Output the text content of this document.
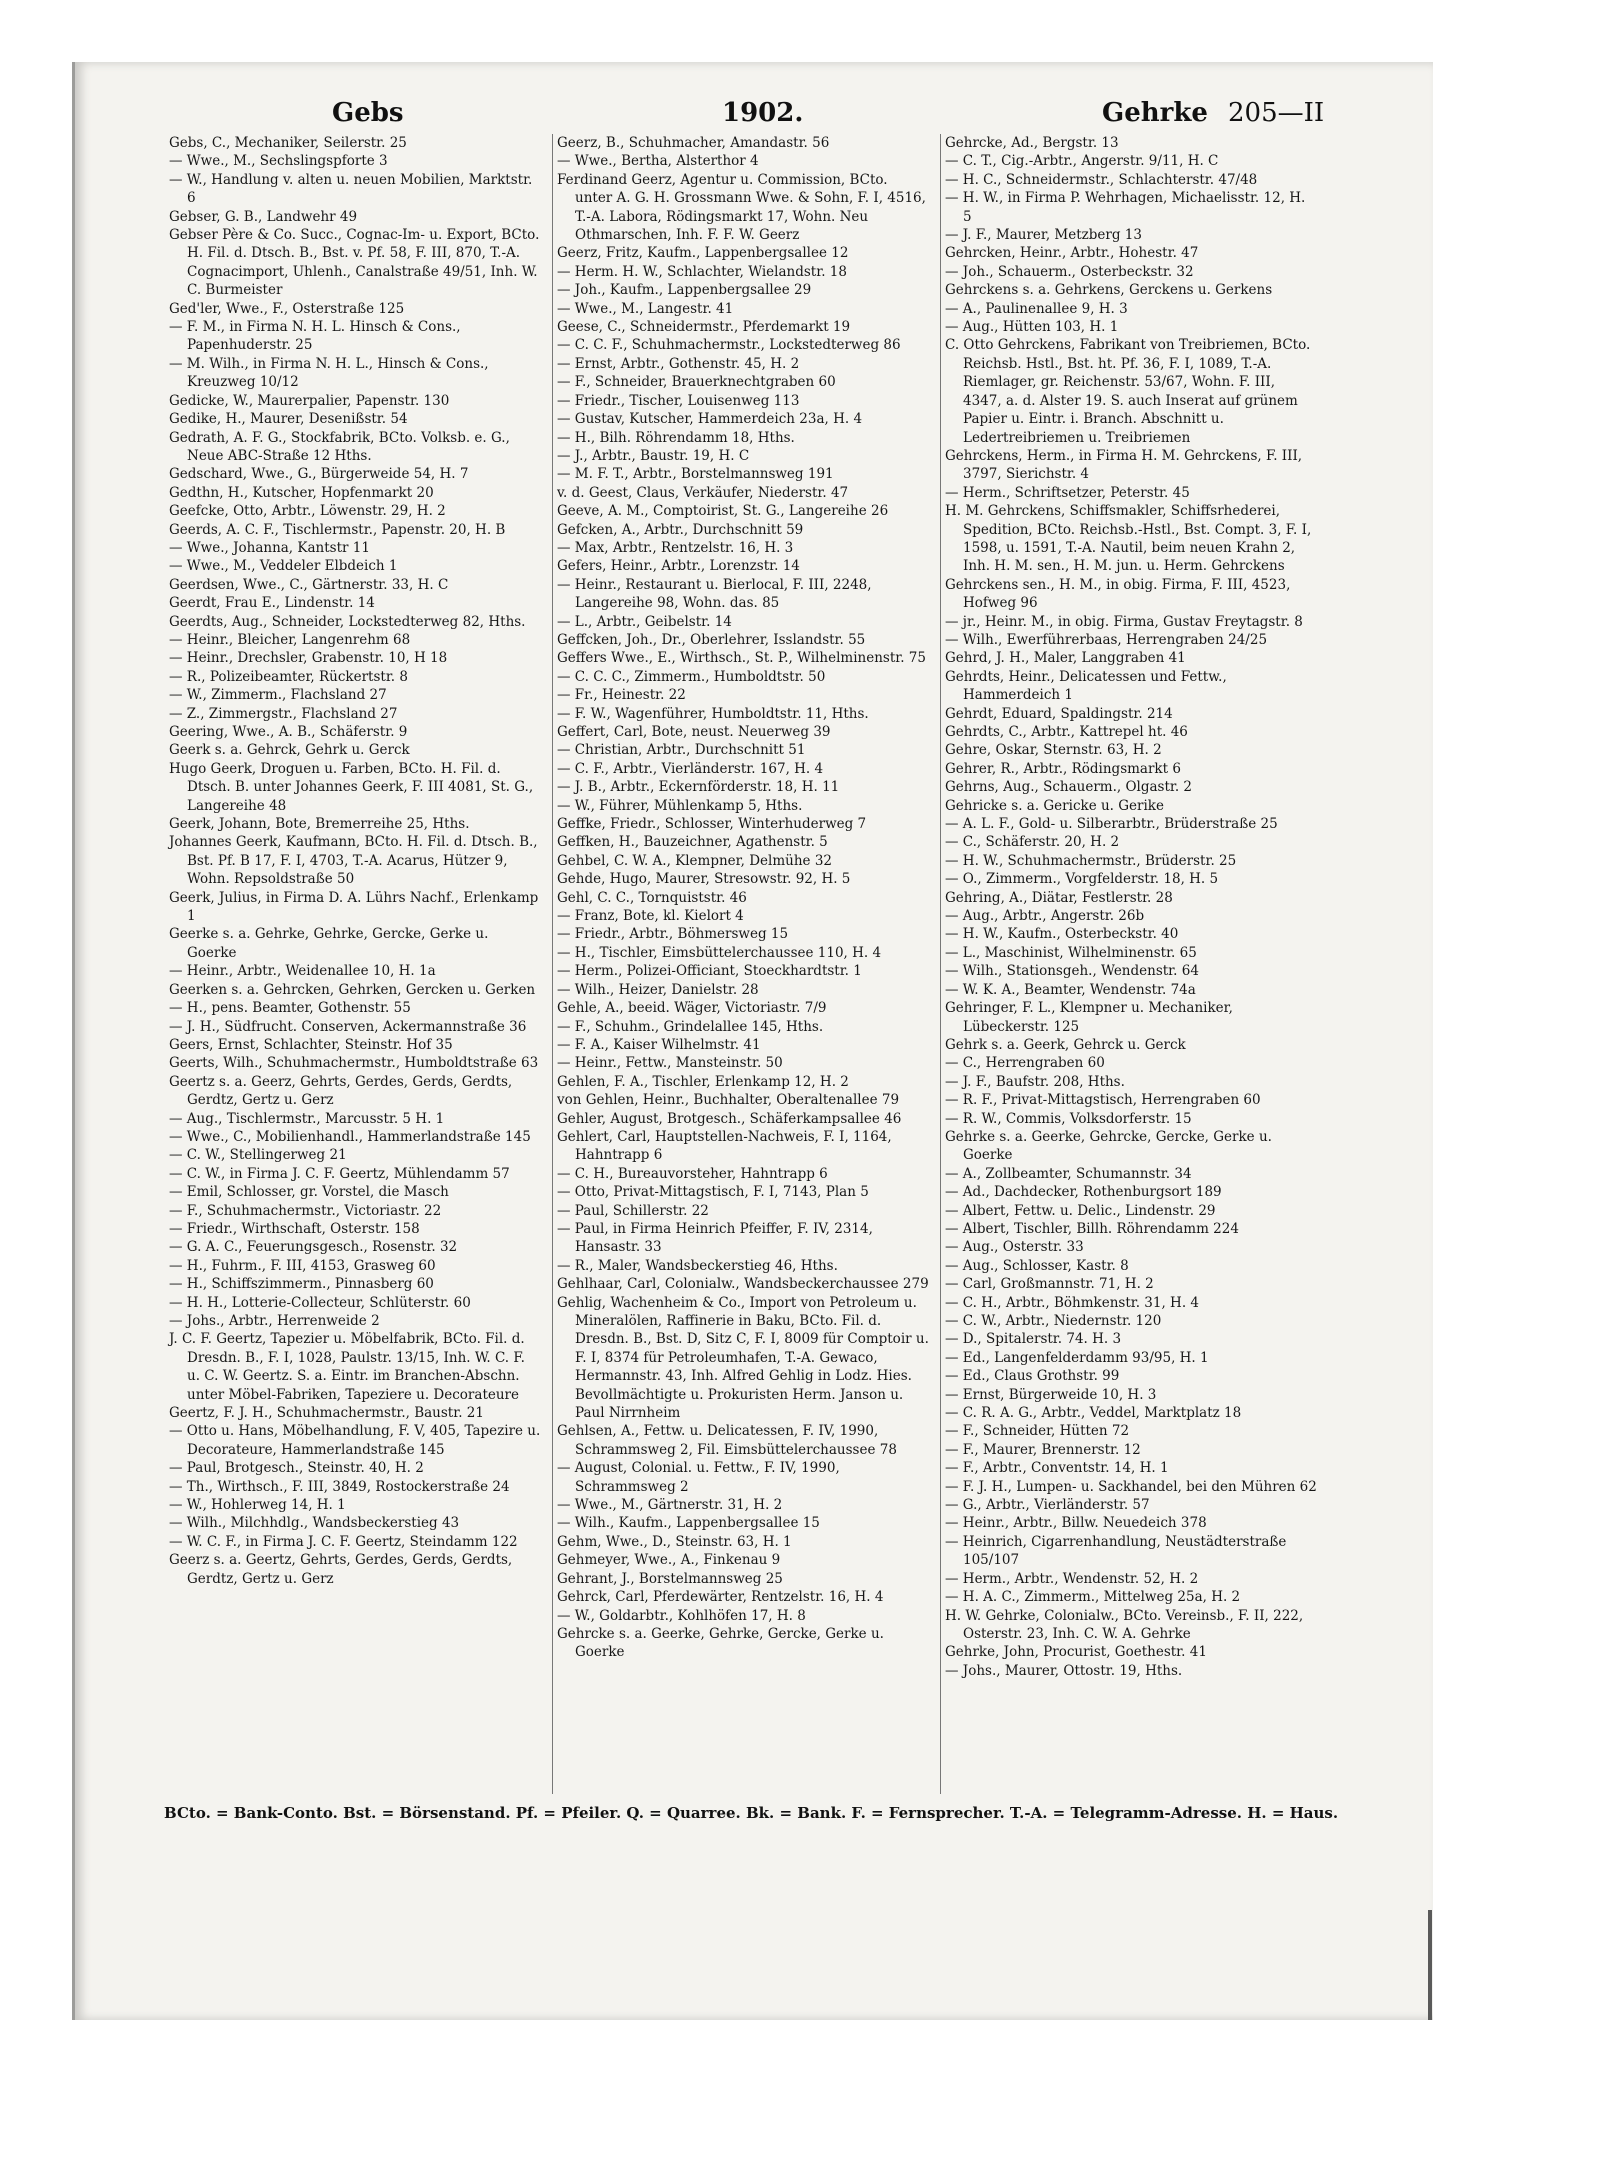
Gebs	1902.	Gehrke 205—II

Gebs, C., Mechaniker, Seilerstr. 25

— Wwe., M., Sechslingspforte 3

— W., Handlung v. alten u. neuen Mobilien, Marktstr. 6

Gebser, G. B., Landwehr 49

Gebser Père & Co. Succ., Cognac-Im- u. Export, BCto. H. Fil. d. Dtsch. B., Bst. v. Pf. 58, F. III, 870, T.-A. Cognacimport, Uhlenh., Canalstraße 49/51, Inh. W. C. Burmeister

Ged'ler, Wwe., F., Osterstraße 125

— F. M., in Firma N. H. L. Hinsch & Cons., Papenhuderstr. 25

— M. Wilh., in Firma N. H. L., Hinsch & Cons., Kreuzweg 10/12

Gedicke, W., Maurerpalier, Papenstr. 130

Gedike, H., Maurer, Desenißstr. 54

Gedrath, A. F. G., Stockfabrik, BCto. Volksb. e. G., Neue ABC-Straße 12 Hths.

Gedschard, Wwe., G., Bürgerweide 54, H. 7

Gedthn, H., Kutscher, Hopfenmarkt 20

Geefcke, Otto, Arbtr., Löwenstr. 29, H. 2

Geerds, A. C. F., Tischlermstr., Papenstr. 20, H. B

— Wwe., Johanna, Kantstr 11

— Wwe., M., Veddeler Elbdeich 1

Geerdsen, Wwe., C., Gärtnerstr. 33, H. C

Geerdt, Frau E., Lindenstr. 14

Geerdts, Aug., Schneider, Lockstedterweg 82, Hths.

— Heinr., Bleicher, Langenrehm 68

— Heinr., Drechsler, Grabenstr. 10, H 18

— R., Polizeibeamter, Rückertstr. 8

— W., Zimmerm., Flachsland 27

— Z., Zimmergstr., Flachsland 27

Geering, Wwe., A. B., Schäferstr. 9

Geerk s. a. Gehrck, Gehrk u. Gerck

Hugo Geerk, Droguen u. Farben, BCto. H. Fil. d. Dtsch. B. unter Johannes Geerk, F. III 4081, St. G., Langereihe 48

Geerk, Johann, Bote, Bremerreihe 25, Hths.

Johannes Geerk, Kaufmann, BCto. H. Fil. d. Dtsch. B., Bst. Pf. B 17, F. I, 4703, T.-A. Acarus, Hützer 9, Wohn. Repsoldstraße 50

Geerk, Julius, in Firma D. A. Lührs Nachf., Erlenkamp 1

Geerke s. a. Gehrke, Gehrke, Gercke, Gerke u. Goerke

— Heinr., Arbtr., Weidenallee 10, H. 1a

Geerken s. a. Gehrcken, Gehrken, Gercken u. Gerken

— H., pens. Beamter, Gothenstr. 55

— J. H., Südfrucht. Conserven, Ackermannstraße 36

Geers, Ernst, Schlachter, Steinstr. Hof 35

Geerts, Wilh., Schuhmachermstr., Humboldtstraße 63

Geertz s. a. Geerz, Gehrts, Gerdes, Gerds, Gerdts, Gerdtz, Gertz u. Gerz

— Aug., Tischlermstr., Marcusstr. 5 H. 1

— Wwe., C., Mobilienhandl., Hammerlandstraße 145

— C. W., Stellingerweg 21

— C. W., in Firma J. C. F. Geertz, Mühlendamm 57

— Emil, Schlosser, gr. Vorstel, die Masch

— F., Schuhmachermstr., Victoriastr. 22

— Friedr., Wirthschaft, Osterstr. 158

— G. A. C., Feuerungsgesch., Rosenstr. 32

— H., Fuhrm., F. III, 4153, Grasweg 60

— H., Schiffszimmerm., Pinnasberg 60

— H. H., Lotterie-Collecteur, Schlüterstr. 60

— Johs., Arbtr., Herrenweide 2

J. C. F. Geertz, Tapezier u. Möbelfabrik, BCto. Fil. d. Dresdn. B., F. I, 1028, Paulstr. 13/15, Inh. W. C. F. u. C. W. Geertz. S. a. Eintr. im Branchen-Abschn. unter Möbel-Fabriken, Tapeziere u. Decorateure

Geertz, F. J. H., Schuhmachermstr., Baustr. 21

— Otto u. Hans, Möbelhandlung, F. V, 405, Tapezire u. Decorateure, Hammerlandstraße 145

— Paul, Brotgesch., Steinstr. 40, H. 2

— Th., Wirthsch., F. III, 3849, Rostockerstraße 24

— W., Hohlerweg 14, H. 1

— Wilh., Milchhdlg., Wandsbeckerstieg 43

— W. C. F., in Firma J. C. F. Geertz, Steindamm 122

Geerz s. a. Geertz, Gehrts, Gerdes, Gerds, Gerdts, Gerdtz, Gertz u. Gerz

Geerz, B., Schuhmacher, Amandastr. 56

— Wwe., Bertha, Alsterthor 4

Ferdinand Geerz, Agentur u. Commission, BCto. unter A. G. H. Grossmann Wwe. & Sohn, F. I, 4516, T.-A. Labora, Rödingsmarkt 17, Wohn. Neu Othmarschen, Inh. F. F. W. Geerz

Geerz, Fritz, Kaufm., Lappenbergsallee 12

— Herm. H. W., Schlachter, Wielandstr. 18

— Joh., Kaufm., Lappenbergsallee 29

— Wwe., M., Langestr. 41

Geese, C., Schneidermstr., Pferdemarkt 19

— C. C. F., Schuhmachermstr., Lockstedterweg 86

— Ernst, Arbtr., Gothenstr. 45, H. 2

— F., Schneider, Brauerknechtgraben 60

— Friedr., Tischer, Louisenweg 113

— Gustav, Kutscher, Hammerdeich 23a, H. 4

— H., Bilh. Röhrendamm 18, Hths.

— J., Arbtr., Baustr. 19, H. C

— M. F. T., Arbtr., Borstelmannsweg 191

v. d. Geest, Claus, Verkäufer, Niederstr. 47

Geeve, A. M., Comptoirist, St. G., Langereihe 26

Gefcken, A., Arbtr., Durchschnitt 59

— Max, Arbtr., Rentzelstr. 16, H. 3

Gefers, Heinr., Arbtr., Lorenzstr. 14

— Heinr., Restaurant u. Bierlocal, F. III, 2248, Langereihe 98, Wohn. das. 85

— L., Arbtr., Geibelstr. 14

Geffcken, Joh., Dr., Oberlehrer, Isslandstr. 55

Geffers Wwe., E., Wirthsch., St. P., Wilhelminenstr. 75

— C. C. C., Zimmerm., Humboldtstr. 50

— Fr., Heinestr. 22

— F. W., Wagenführer, Humboldtstr. 11, Hths.

Geffert, Carl, Bote, neust. Neuerweg 39

— Christian, Arbtr., Durchschnitt 51

— C. F., Arbtr., Vierländerstr. 167, H. 4

— J. B., Arbtr., Eckernförderstr. 18, H. 11

— W., Führer, Mühlenkamp 5, Hths.

Geffke, Friedr., Schlosser, Winterhuderweg 7

Geffken, H., Bauzeichner, Agathenstr. 5

Gehbel, C. W. A., Klempner, Delmühe 32

Gehde, Hugo, Maurer, Stresowstr. 92, H. 5

Gehl, C. C., Tornquiststr. 46

— Franz, Bote, kl. Kielort 4

— Friedr., Arbtr., Böhmersweg 15

— H., Tischler, Eimsbüttelerchaussee 110, H. 4

— Herm., Polizei-Officiant, Stoeckhardtstr. 1

— Wilh., Heizer, Danielstr. 28

Gehle, A., beeid. Wäger, Victoriastr. 7/9

— F., Schuhm., Grindelallee 145, Hths.

— F. A., Kaiser Wilhelmstr. 41

— Heinr., Fettw., Mansteinstr. 50

Gehlen, F. A., Tischler, Erlenkamp 12, H. 2

von Gehlen, Heinr., Buchhalter, Oberaltenallee 79

Gehler, August, Brotgesch., Schäferkampsallee 46

Gehlert, Carl, Hauptstellen-Nachweis, F. I, 1164, Hahntrapp 6

— C. H., Bureauvorsteher, Hahntrapp 6

— Otto, Privat-Mittagstisch, F. I, 7143, Plan 5

— Paul, Schillerstr. 22

— Paul, in Firma Heinrich Pfeiffer, F. IV, 2314, Hansastr. 33

— R., Maler, Wandsbeckerstieg 46, Hths.

Gehlhaar, Carl, Colonialw., Wandsbeckerchaussee 279

Gehlig, Wachenheim & Co., Import von Petroleum u. Mineralölen, Raffinerie in Baku, BCto. Fil. d. Dresdn. B., Bst. D, Sitz C, F. I, 8009 für Comptoir u. F. I, 8374 für Petroleumhafen, T.-A. Gewaco, Hermannstr. 43, Inh. Alfred Gehlig in Lodz. Hies. Bevollmächtigte u. Prokuristen Herm. Janson u. Paul Nirrnheim

Gehlsen, A., Fettw. u. Delicatessen, F. IV, 1990, Schrammsweg 2, Fil. Eimsbüttelerchaussee 78

— August, Colonial. u. Fettw., F. IV, 1990, Schrammsweg 2

— Wwe., M., Gärtnerstr. 31, H. 2

— Wilh., Kaufm., Lappenbergsallee 15

Gehm, Wwe., D., Steinstr. 63, H. 1

Gehmeyer, Wwe., A., Finkenau 9

Gehrant, J., Borstelmannsweg 25

Gehrck, Carl, Pferdewärter, Rentzelstr. 16, H. 4

— W., Goldarbtr., Kohlhöfen 17, H. 8

Gehrcke s. a. Geerke, Gehrke, Gercke, Gerke u. Goerke

Gehrcke, Ad., Bergstr. 13

— C. T., Cig.-Arbtr., Angerstr. 9/11, H. C

— H. C., Schneidermstr., Schlachterstr. 47/48

— H. W., in Firma P. Wehrhagen, Michaelisstr. 12, H. 5

— J. F., Maurer, Metzberg 13

Gehrcken, Heinr., Arbtr., Hohestr. 47

— Joh., Schauerm., Osterbeckstr. 32

Gehrckens s. a. Gehrkens, Gerckens u. Gerkens

— A., Paulinenallee 9, H. 3

— Aug., Hütten 103, H. 1

C. Otto Gehrckens, Fabrikant von Treibriemen, BCto. Reichsb. Hstl., Bst. ht. Pf. 36, F. I, 1089, T.-A. Riemlager, gr. Reichenstr. 53/67, Wohn. F. III, 4347, a. d. Alster 19. S. auch Inserat auf grünem Papier u. Eintr. i. Branch. Abschnitt u. Ledertreibriemen u. Treibriemen

Gehrckens, Herm., in Firma H. M. Gehrckens, F. III, 3797, Sierichstr. 4

— Herm., Schriftsetzer, Peterstr. 45

H. M. Gehrckens, Schiffsmakler, Schiffsrhederei, Spedition, BCto. Reichsb.-Hstl., Bst. Compt. 3, F. I, 1598, u. 1591, T.-A. Nautil, beim neuen Krahn 2, Inh. H. M. sen., H. M. jun. u. Herm. Gehrckens

Gehrckens sen., H. M., in obig. Firma, F. III, 4523, Hofweg 96

— jr., Heinr. M., in obig. Firma, Gustav Freytagstr. 8

— Wilh., Ewerführerbaas, Herrengraben 24/25

Gehrd, J. H., Maler, Langgraben 41

Gehrdts, Heinr., Delicatessen und Fettw., Hammerdeich 1

Gehrdt, Eduard, Spaldingstr. 214

Gehrdts, C., Arbtr., Kattrepel ht. 46

Gehre, Oskar, Sternstr. 63, H. 2

Gehrer, R., Arbtr., Rödingsmarkt 6

Gehrns, Aug., Schauerm., Olgastr. 2

Gehricke s. a. Gericke u. Gerike

— A. L. F., Gold- u. Silberarbtr., Brüderstraße 25

— C., Schäferstr. 20, H. 2

— H. W., Schuhmachermstr., Brüderstr. 25

— O., Zimmerm., Vorgfelderstr. 18, H. 5

Gehring, A., Diätar, Festlerstr. 28

— Aug., Arbtr., Angerstr. 26b

— H. W., Kaufm., Osterbeckstr. 40

— L., Maschinist, Wilhelminenstr. 65

— Wilh., Stationsgeh., Wendenstr. 64

— W. K. A., Beamter, Wendenstr. 74a

Gehringer, F. L., Klempner u. Mechaniker, Lübeckerstr. 125

Gehrk s. a. Geerk, Gehrck u. Gerck

— C., Herrengraben 60

— J. F., Baufstr. 208, Hths.

— R. F., Privat-Mittagstisch, Herrengraben 60

— R. W., Commis, Volksdorferstr. 15

Gehrke s. a. Geerke, Gehrcke, Gercke, Gerke u. Goerke

— A., Zollbeamter, Schumannstr. 34

— Ad., Dachdecker, Rothenburgsort 189

— Albert, Fettw. u. Delic., Lindenstr. 29

— Albert, Tischler, Billh. Röhrendamm 224

— Aug., Osterstr. 33

— Aug., Schlosser, Kastr. 8

— Carl, Großmannstr. 71, H. 2

— C. H., Arbtr., Böhmkenstr. 31, H. 4

— C. W., Arbtr., Niedernstr. 120

— D., Spitalerstr. 74. H. 3

— Ed., Langenfelderdamm 93/95, H. 1

— Ed., Claus Grothstr. 99

— Ernst, Bürgerweide 10, H. 3

— C. R. A. G., Arbtr., Veddel, Marktplatz 18

— F., Schneider, Hütten 72

— F., Maurer, Brennerstr. 12

— F., Arbtr., Conventstr. 14, H. 1

— F. J. H., Lumpen- u. Sackhandel, bei den Mühren 62

— G., Arbtr., Vierländerstr. 57

— Heinr., Arbtr., Billw. Neuedeich 378

— Heinrich, Cigarrenhandlung, Neustädterstraße 105/107

— Herm., Arbtr., Wendenstr. 52, H. 2

— H. A. C., Zimmerm., Mittelweg 25a, H. 2

H. W. Gehrke, Colonialw., BCto. Vereinsb., F. II, 222, Osterstr. 23, Inh. C. W. A. Gehrke

Gehrke, John, Procurist, Goethestr. 41

— Johs., Maurer, Ottostr. 19, Hths.

BCto. = Bank-Conto. Bst. = Börsenstand. Pf. = Pfeiler. Q. = Quarree. Bk. = Bank. F. = Fernsprecher. T.-A. = Telegramm-Adresse. H. = Haus.
